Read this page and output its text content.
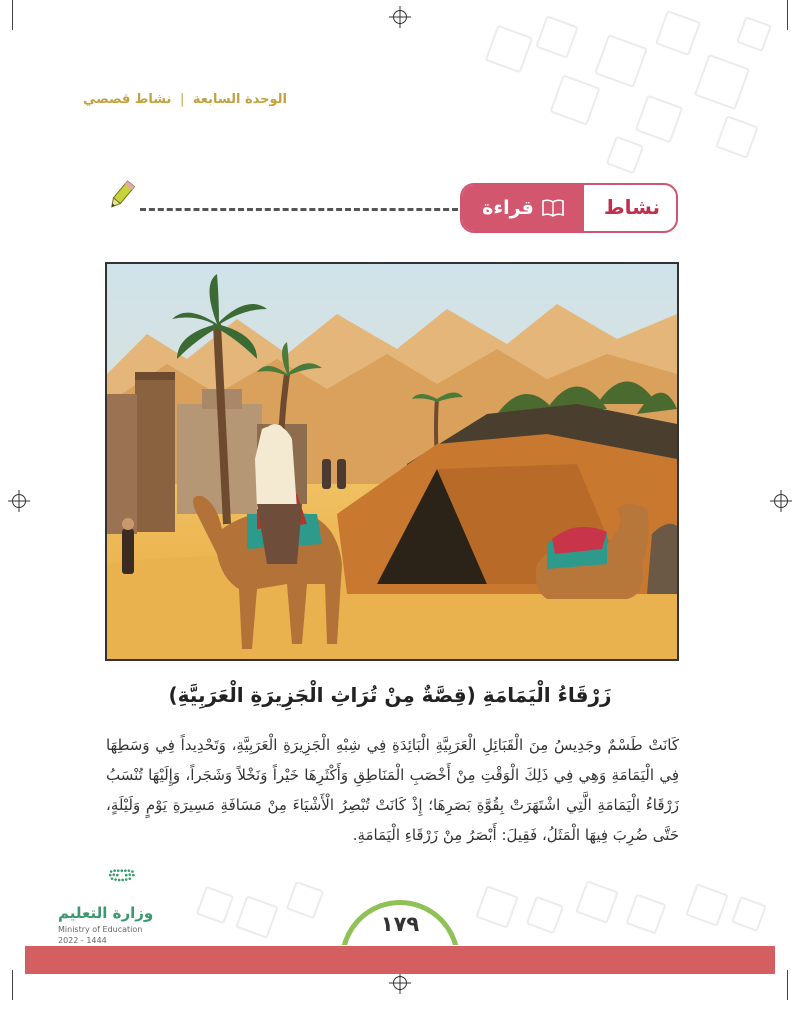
الوحدة السابعة | نشاط قصصي
قراءة	نشاط
زَرْقَاءُ الْيَمَامَةِ (قِصَّةٌ مِنْ تُرَاثِ الْجَزِيرَةِ الْعَرَبِيَّةِ)
كَانَتْ طَسْمٌ وجَدِيسُ مِنَ الْقَبَائِلِ الْعَرَبِيَّةِ الْبَائِدَةِ فِي شِبْهِ الْجَزِيرَةِ الْعَرَبِيَّةِ، وَتَحْدِيداً فِي وَسَطِهَا فِي الْيَمَامَةِ وَهِي فِي ذَلِكَ الْوَقْتِ مِنْ أَخْصَبِ الْمَنَاطِقِ وَأَكْثَرِهَا خَيْراً وَنَخْلاً وَشَجَراً، وَإِلَيْهَا تُنْسَبُ زَرْقَاءُ الْيَمَامَةِ الَّتِي اشْتَهَرَتْ بِقُوَّةِ بَصَرِهَا؛ إِذْ كَانَتْ تُبْصِرُ الْأَشْيَاءَ مِنْ مَسَافَةِ مَسِيرَةِ يَوْمٍ وَلَيْلَةٍ، حَتَّى ضُرِبَ فِيهَا الْمَثَلُ، فَقِيلَ: أَبْصَرُ مِنْ زَرْقَاءِ الْيَمَامَةِ.
وزارة التعليم
Ministry of Education
2022 - 1444
١٧٩
